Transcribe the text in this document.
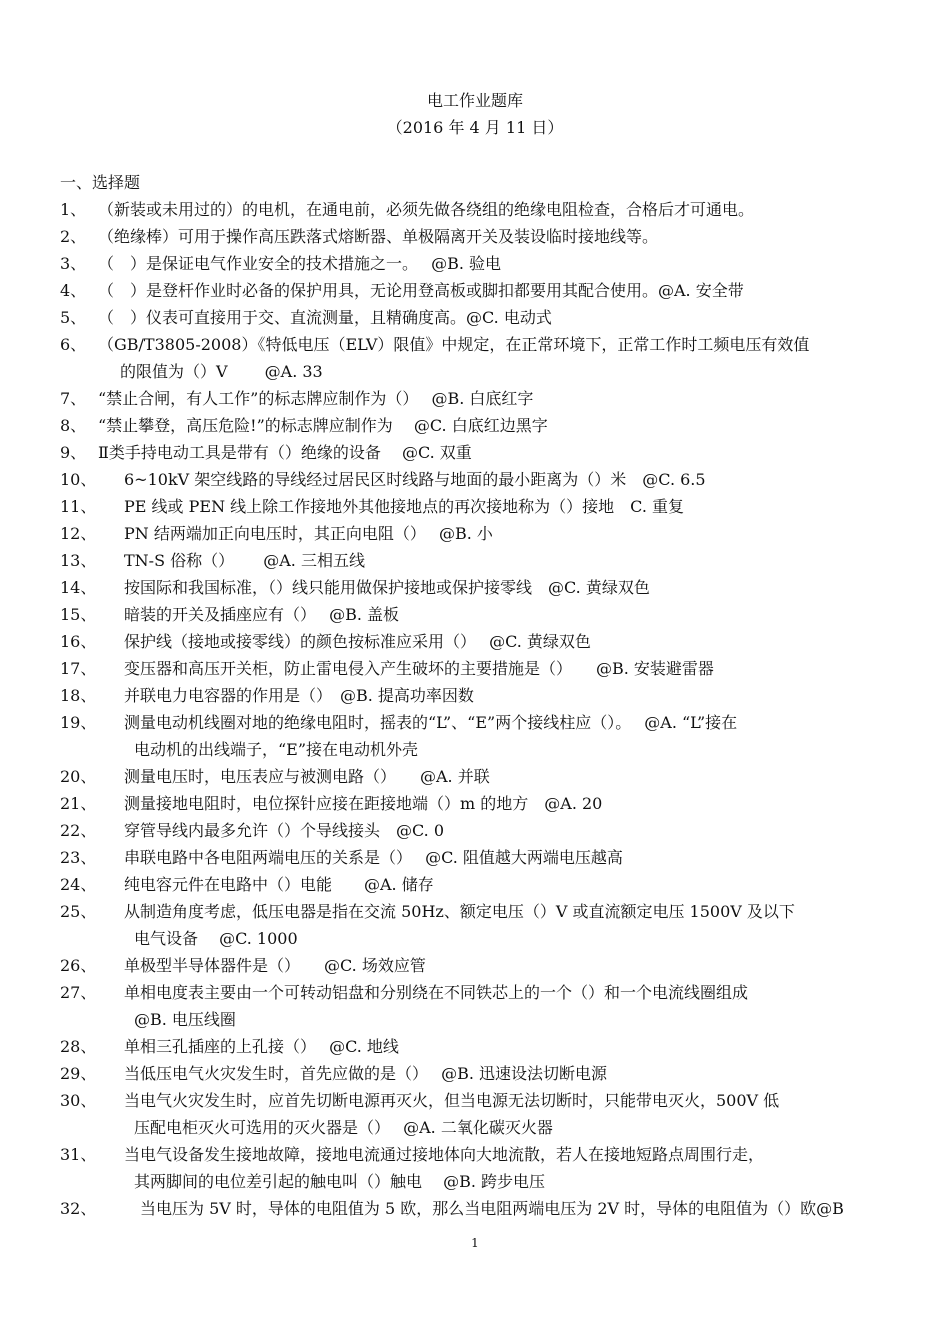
电工作业题库
（2016 年 4 月 11 日）
一、选择题
1、 （新装或未用过的）的电机，在通电前，必须先做各绕组的绝缘电阻检查，合格后才可通电。
2、 （绝缘棒）可用于操作高压跌落式熔断器、单极隔离开关及装设临时接地线等。
3、 （　）是保证电气作业安全的技术措施之一。　 @B. 验电
4、 （　）是登杆作业时必备的保护用具，无论用登高板或脚扣都要用其配合使用。@A. 安全带
5、 （　）仪表可直接用于交、直流测量，且精确度高。@C. 电动式
6、 （GB/T3805-2008）《特低电压（ELV）限值》中规定，在正常环境下，正常工作时工频电压有效值
的限值为（）V　　 @A. 33
7、 “禁止合闸，有人工作”的标志牌应制作为（）　 @B. 白底红字
8、 “禁止攀登，高压危险!”的标志牌应制作为　 @C. 白底红边黑字
9、 Ⅱ类手持电动工具是带有（）绝缘的设备　 @C. 双重
10、 6~10kV 架空线路的导线经过居民区时线路与地面的最小距离为（）米　@C. 6.5
11、 PE 线或 PEN 线上除工作接地外其他接地点的再次接地称为（）接地　C. 重复
12、 PN 结两端加正向电压时，其正向电阻（）　 @B. 小
13、 TN-S 俗称（）　　 @A. 三相五线
14、 按国际和我国标准，（）线只能用做保护接地或保护接零线　@C. 黄绿双色
15、 暗装的开关及插座应有（）　 @B. 盖板
16、 保护线（接地或接零线）的颜色按标准应采用（）　 @C. 黄绿双色
17、 变压器和高压开关柜，防止雷电侵入产生破坏的主要措施是（）　　@B. 安装避雷器
18、 并联电力电容器的作用是（）　@B. 提高功率因数
19、 测量电动机线圈对地的绝缘电阻时，摇表的“L”、“E”两个接线柱应（）。　 @A. “L”接在
电动机的出线端子，“E”接在电动机外壳
20、 测量电压时，电压表应与被测电路（）　　@A. 并联
21、 测量接地电阻时，电位探针应接在距接地端（）m 的地方　@A. 20
22、 穿管导线内最多允许（）个导线接头　@C. 0
23、 串联电路中各电阻两端电压的关系是（）　 @C. 阻值越大两端电压越高
24、 纯电容元件在电路中（）电能　　@A. 储存
25、 从制造角度考虑，低压电器是指在交流 50Hz、额定电压（）V 或直流额定电压 1500V 及以下
电气设备　 @C. 1000
26、 单极型半导体器件是（）　　@C. 场效应管
27、 单相电度表主要由一个可转动铝盘和分别绕在不同铁芯上的一个（）和一个电流线圈组成
@B. 电压线圈
28、 单相三孔插座的上孔接（）　 @C. 地线
29、 当低压电气火灾发生时，首先应做的是（）　 @B. 迅速设法切断电源
30、 当电气火灾发生时，应首先切断电源再灭火，但当电源无法切断时，只能带电灭火，500V 低
压配电柜灭火可选用的灭火器是（）　 @A. 二氧化碳灭火器
31、 当电气设备发生接地故障，接地电流通过接地体向大地流散，若人在接地短路点周围行走，
其两脚间的电位差引起的触电叫（）触电　 @B. 跨步电压
32、 　当电压为 5V 时，导体的电阻值为 5 欧，那么当电阻两端电压为 2V 时，导体的电阻值为（）欧@B
1
